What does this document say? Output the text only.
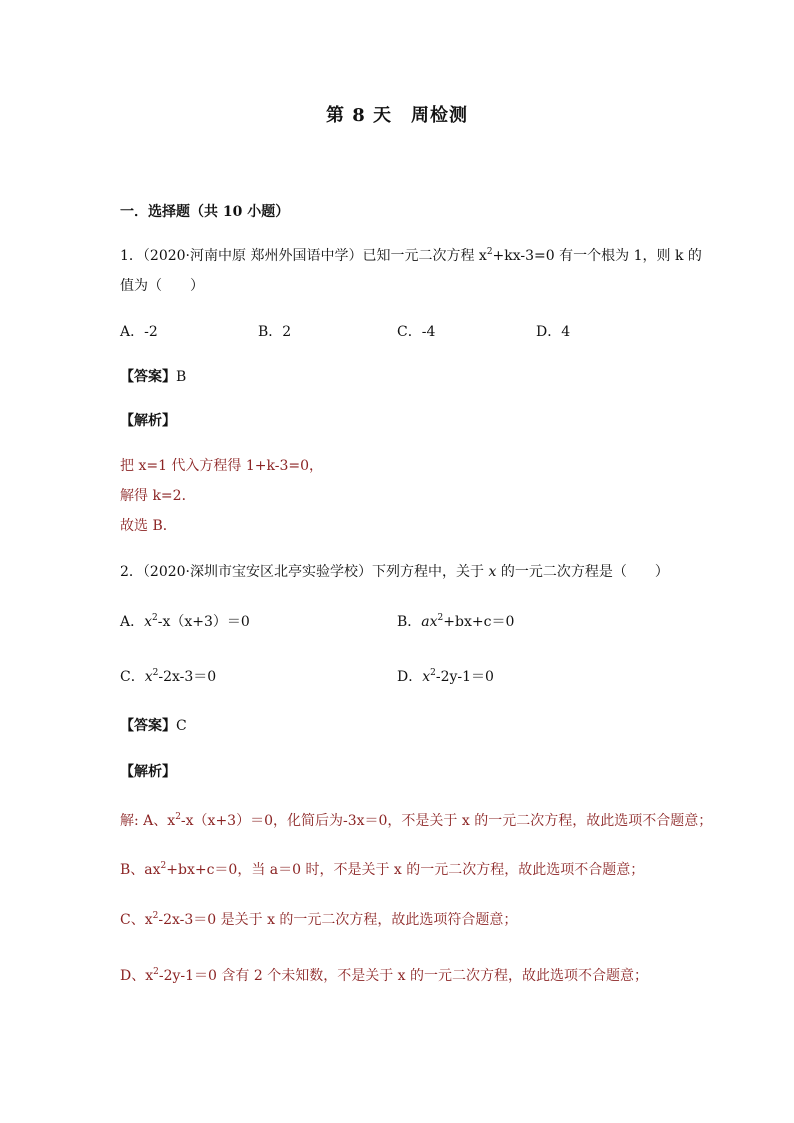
第 8 天　周检测
一．选择题（共 10 小题）
1．（2020·河南中原 郑州外国语中学）已知一元二次方程 $x^2+kx-3=0$ 有一个根为 1，则 k 的
值为（　　）
A．-2	B．2	C．-4	D．4
【答案】B
【解析】
把 x=1 代入方程得 1+k-3=0，
解得 k=2．
故选 B．
2．（2020·深圳市宝安区北亭实验学校）下列方程中，关于 x 的一元二次方程是（　　）
A．$x^2-x(x+3)=0$	B．$ax^2+bx+c=0$
C．$x^2-2x-3=0$	D．$x^2-2y-1=0$
【答案】C
【解析】
解: A、$x^2-x(x+3)=0$，化简后为-3x＝0，不是关于 x 的一元二次方程，故此选项不合题意；
B、$ax^2+bx+c=0$，当 a＝0 时，不是关于 x 的一元二次方程，故此选项不合题意；
C、$x^2-2x-3=0$ 是关于 x 的一元二次方程，故此选项符合题意；
D、$x^2-2y-1=0$ 含有 2 个未知数，不是关于 x 的一元二次方程，故此选项不合题意；
